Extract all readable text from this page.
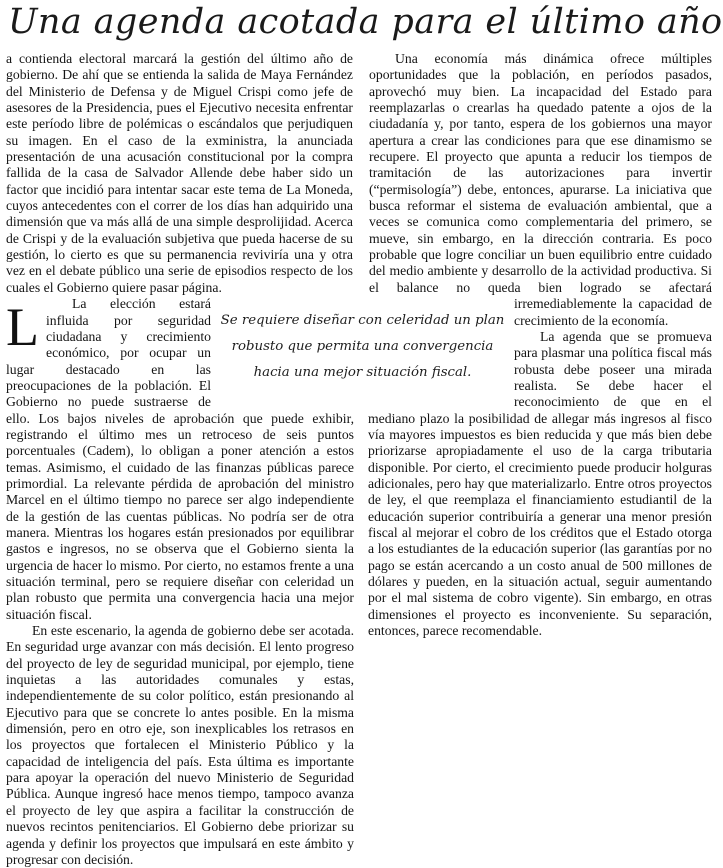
Una agenda acotada para el último año

L
a contienda electoral marcará la gestión del último año de gobierno. De ahí que se entienda la salida de Maya Fernández del Ministerio de Defensa y de Miguel Crispi como jefe de asesores de la Presidencia, pues el Ejecutivo necesita enfrentar este período libre de polémicas o escándalos que perjudiquen su imagen. En el caso de la exministra, la anunciada presentación de una acusación constitucional por la compra fallida de la casa de Salvador Allende debe haber sido un factor que incidió para intentar sacar este tema de La Moneda, cuyos antecedentes con el correr de los días han adquirido una dimensión que va más allá de una simple desprolijidad. Acerca de Crispi y de la evaluación subjetiva que pueda hacerse de su gestión, lo cierto es que su permanencia reviviría una y otra vez en el debate público una serie de episodios respecto de los cuales el Gobierno quiere pasar página.

La elección estará influida por seguridad ciudadana y crecimiento económico, por ocupar un lugar destacado en las preocupaciones de la población. El Gobierno no puede sustraerse de ello. Los bajos niveles de aprobación que puede exhibir, registrando el último mes un retroceso de seis puntos porcentuales (Cadem), lo obligan a poner atención a estos temas. Asimismo, el cuidado de las finanzas públicas parece primordial. La relevante pérdida de aprobación del ministro Marcel en el último tiempo no parece ser algo independiente de la gestión de las cuentas públicas. No podría ser de otra manera. Mientras los hogares están presionados por equilibrar gastos e ingresos, no se observa que el Gobierno sienta la urgencia de hacer lo mismo. Por cierto, no estamos frente a una situación terminal, pero se requiere diseñar con celeridad un plan robusto que permita una convergencia hacia una mejor situación fiscal.

En este escenario, la agenda de gobierno debe ser acotada. En seguridad urge avanzar con más decisión. El lento progreso del proyecto de ley de seguridad municipal, por ejemplo, tiene inquietas a las autoridades comunales y estas, independientemente de su color político, están presionando al Ejecutivo para que se concrete lo antes posible. En la misma dimensión, pero en otro eje, son inexplicables los retrasos en los proyectos que fortalecen el Ministerio Público y la capacidad de inteligencia del país. Esta última es importante para apoyar la operación del nuevo Ministerio de Seguridad Pública. Aunque ingresó hace menos tiempo, tampoco avanza el proyecto de ley que aspira a facilitar la construcción de nuevos recintos penitenciarios. El Gobierno debe priorizar su agenda y definir los proyectos que impulsará en este ámbito y progresar con decisión.

Una economía más dinámica ofrece múltiples oportunidades que la población, en períodos pasados, aprovechó muy bien. La incapacidad del Estado para reemplazarlas o crearlas ha quedado patente a ojos de la ciudadanía y, por tanto, espera de los gobiernos una mayor apertura a crear las condiciones para que ese dinamismo se recupere. El proyecto que apunta a reducir los tiempos de tramitación de las autorizaciones para invertir (“permisología”) debe, entonces, apurarse. La iniciativa que busca reformar el sistema de evaluación ambiental, que a veces se comunica como complementaria del primero, se mueve, sin embargo, en la dirección contraria. Es poco probable que logre conciliar un buen equilibrio entre cuidado del medio ambiente y desarrollo de la actividad productiva. Si el balance no queda bien logrado se afectará irremediablemente la capacidad de crecimiento de la economía.

La agenda que se promueva para plasmar una política fiscal más robusta debe poseer una mirada realista. Se debe hacer el reconocimiento de que en el mediano plazo la posibilidad de allegar más ingresos al fisco vía mayores impuestos es bien reducida y que más bien debe priorizarse apropiadamente el uso de la carga tributaria disponible. Por cierto, el crecimiento puede producir holguras adicionales, pero hay que materializarlo. Entre otros proyectos de ley, el que reemplaza el financiamiento estudiantil de la educación superior contribuiría a generar una menor presión fiscal al mejorar el cobro de los créditos que el Estado otorga a los estudiantes de la educación superior (las garantías por no pago se están acercando a un costo anual de 500 millones de dólares y pueden, en la situación actual, seguir aumentando por el mal sistema de cobro vigente). Sin embargo, en otras dimensiones el proyecto es inconveniente. Su separación, entonces, parece recomendable.

Se requiere diseñar con celeridad un plan robusto que permita una convergencia hacia una mejor situación fiscal.
